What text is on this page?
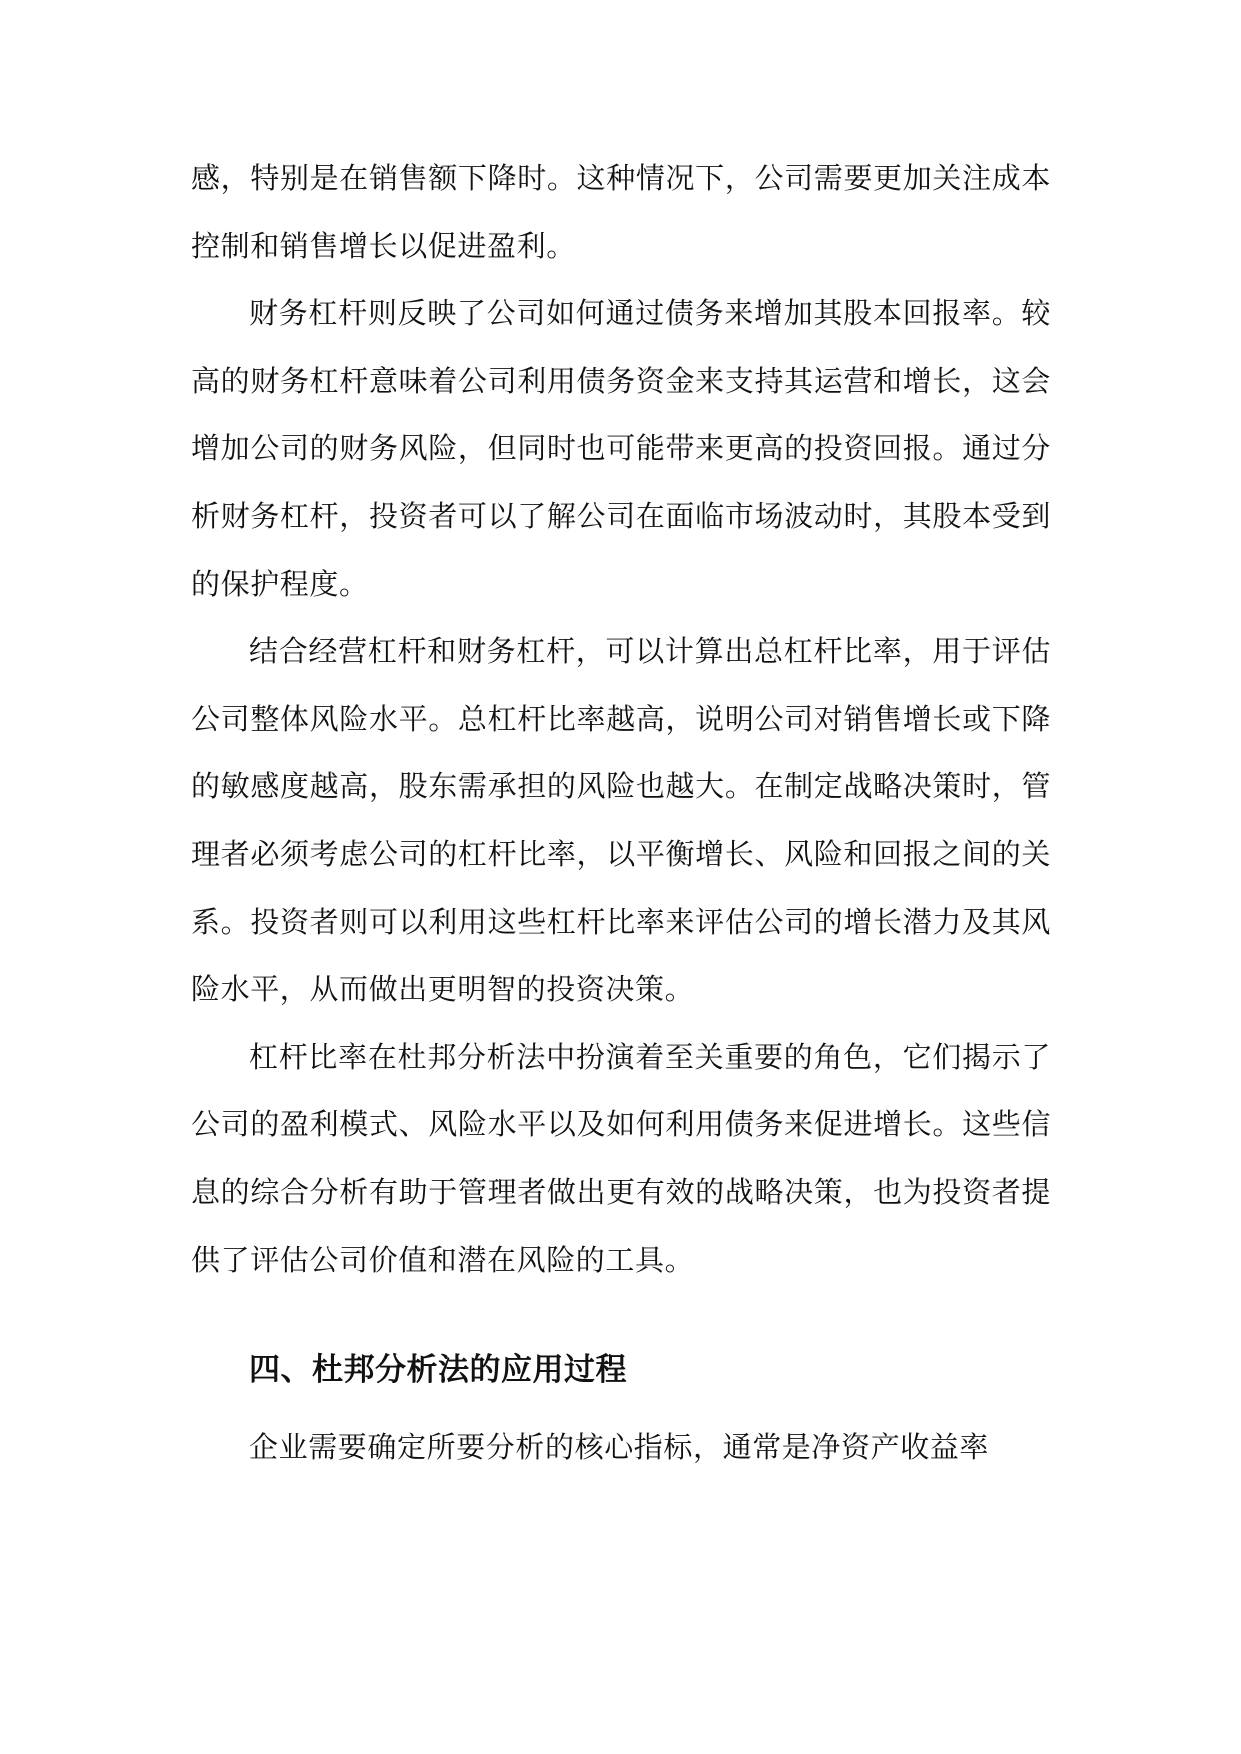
感，特别是在销售额下降时。这种情况下，公司需要更加关注成本控制和销售增长以促进盈利。

财务杠杆则反映了公司如何通过债务来增加其股本回报率。较高的财务杠杆意味着公司利用债务资金来支持其运营和增长，这会增加公司的财务风险，但同时也可能带来更高的投资回报。通过分析财务杠杆，投资者可以了解公司在面临市场波动时，其股本受到的保护程度。

结合经营杠杆和财务杠杆，可以计算出总杠杆比率，用于评估公司整体风险水平。总杠杆比率越高，说明公司对销售增长或下降的敏感度越高，股东需承担的风险也越大。在制定战略决策时，管理者必须考虑公司的杠杆比率，以平衡增长、风险和回报之间的关系。投资者则可以利用这些杠杆比率来评估公司的增长潜力及其风险水平，从而做出更明智的投资决策。

杠杆比率在杜邦分析法中扮演着至关重要的角色，它们揭示了公司的盈利模式、风险水平以及如何利用债务来促进增长。这些信息的综合分析有助于管理者做出更有效的战略决策，也为投资者提供了评估公司价值和潜在风险的工具。

四、杜邦分析法的应用过程

企业需要确定所要分析的核心指标，通常是净资产收益率
